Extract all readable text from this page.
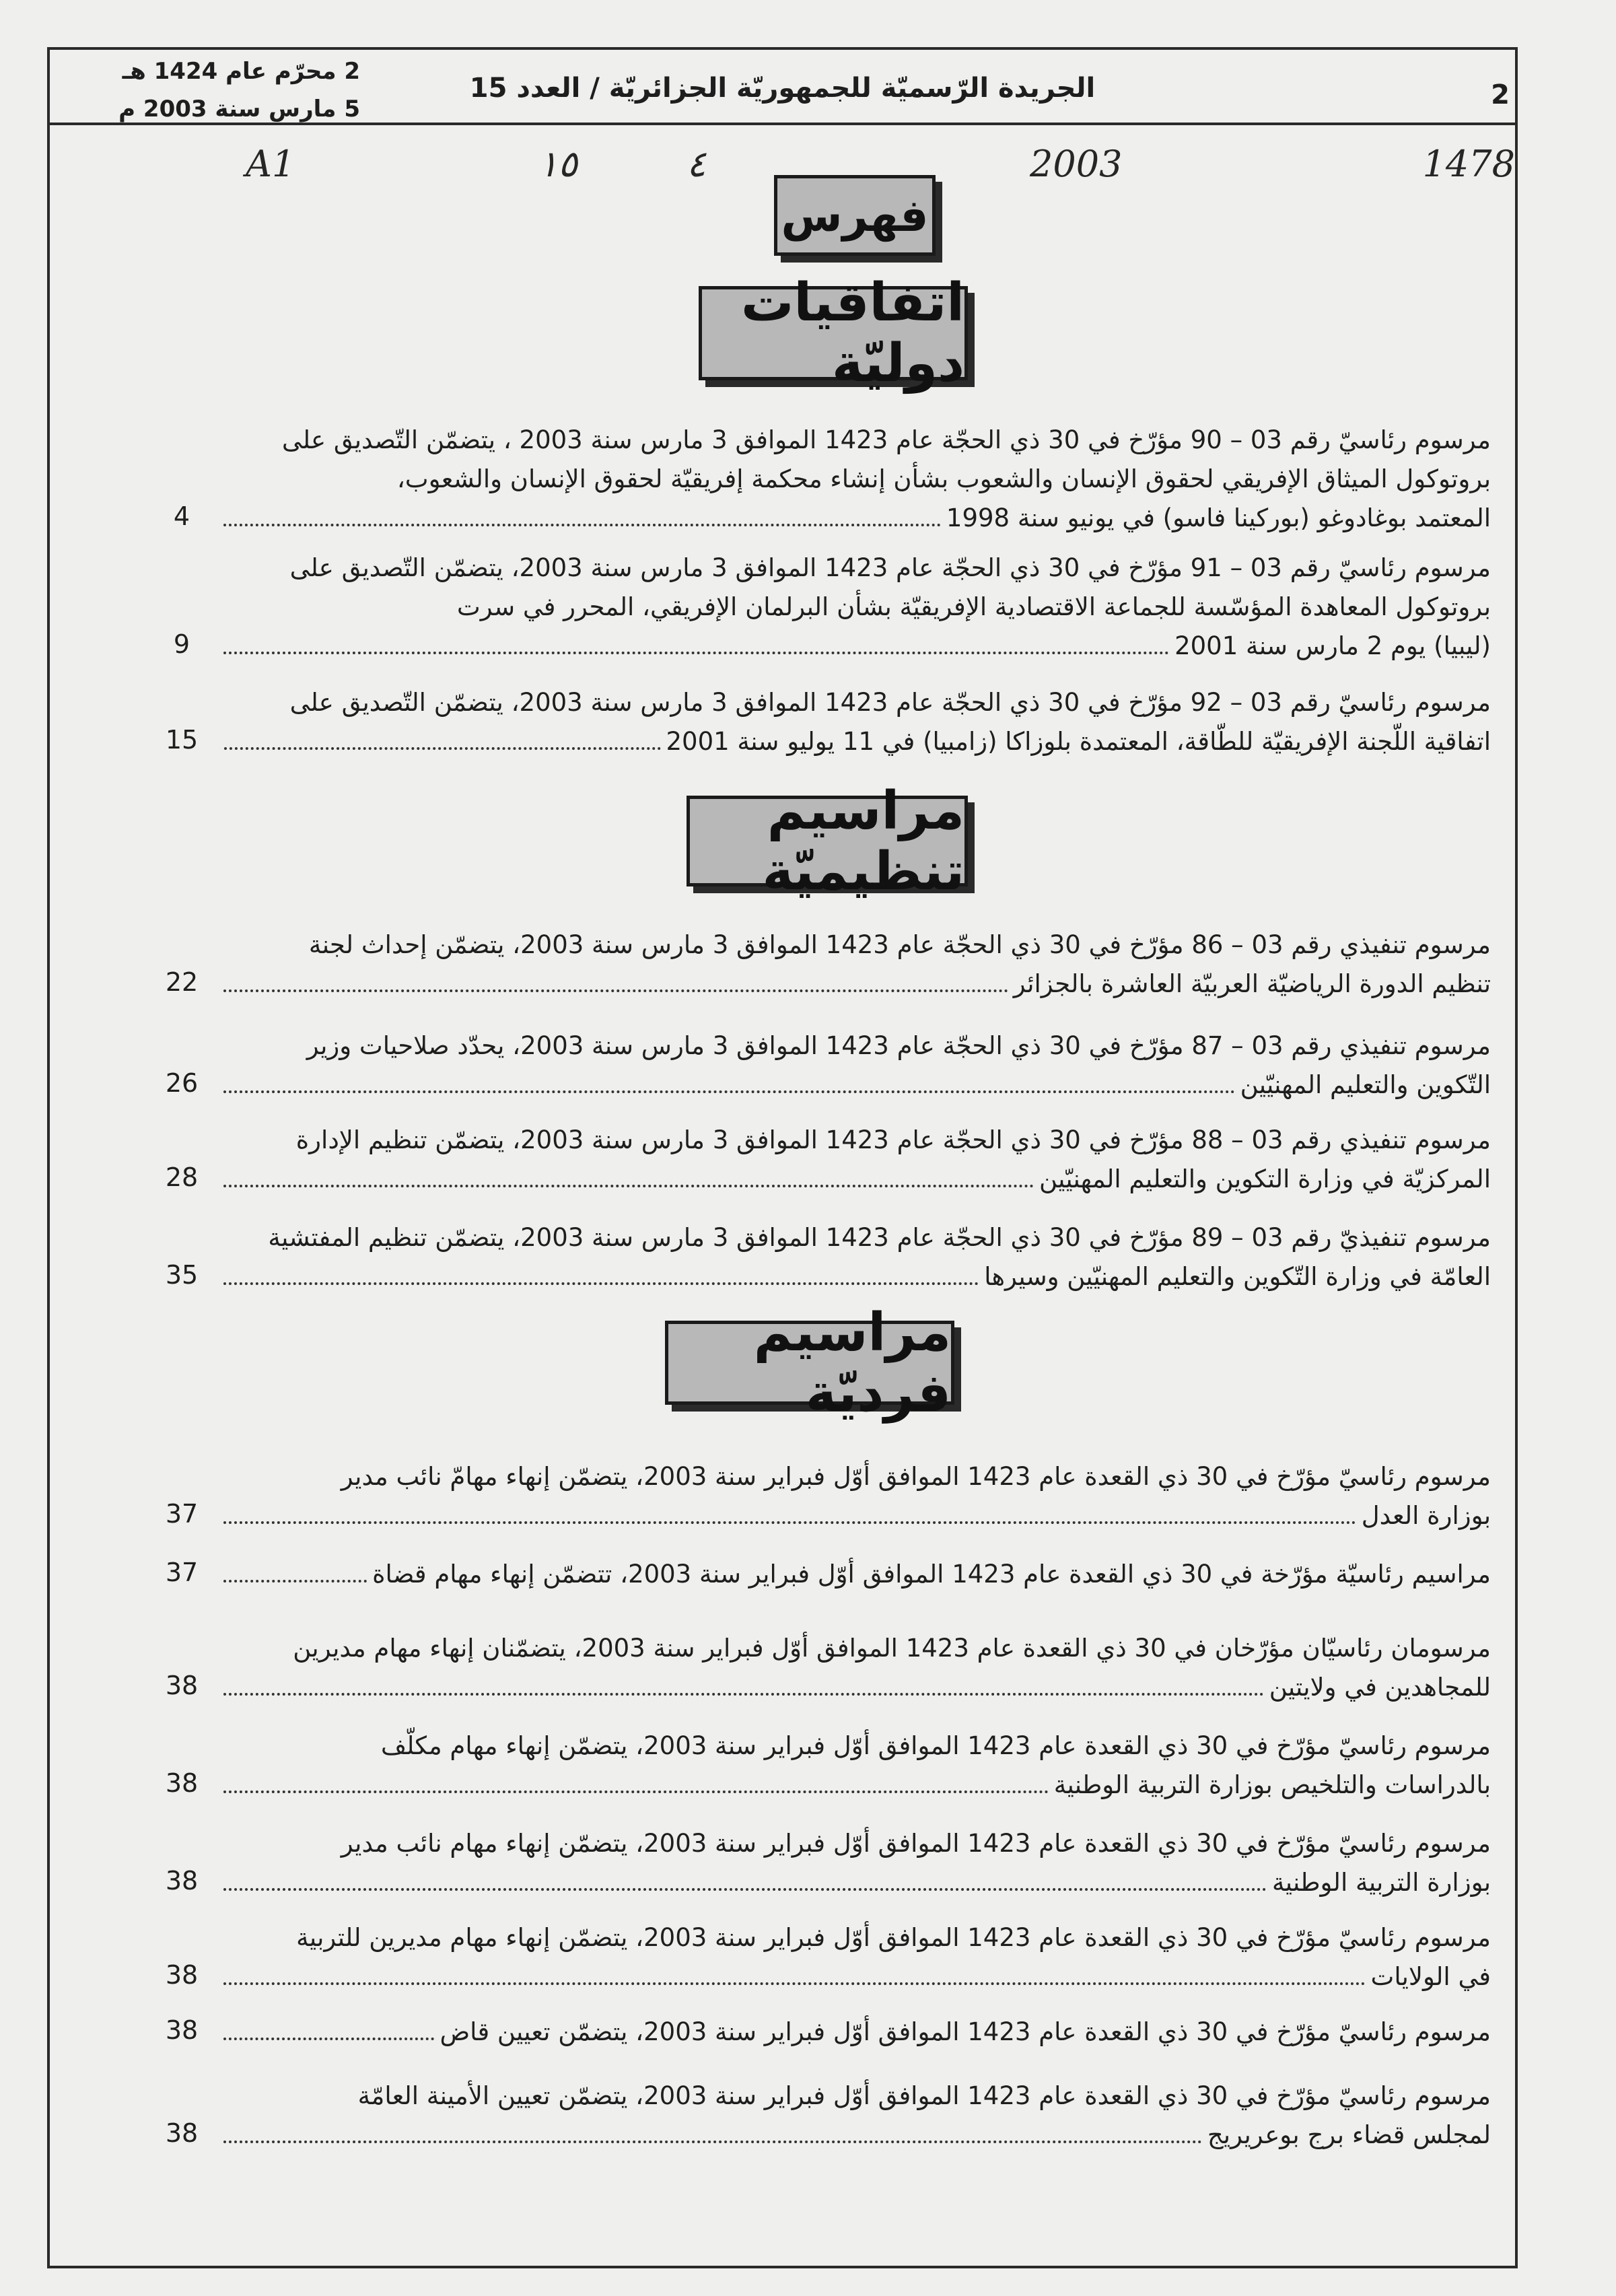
2
الجريدة الرّسميّة للجمهوريّة الجزائريّة / العدد 15
2 محرّم عام 1424 هـ
5 مارس سنة 2003 م
1478
2003
٤
١٥
A1
فهرس
اتفاقيات دوليّة
مراسيم تنظيميّة
مراسيم فرديّة
مرسوم رئاسيّ رقم 03 – 90 مؤرّخ في 30 ذي الحجّة عام 1423 الموافق 3 مارس سنة 2003 ، يتضمّن التّصديق على
بروتوكول الميثاق الإفريقي لحقوق الإنسان والشعوب بشأن إنشاء محكمة إفريقيّة لحقوق الإنسان والشعوب،
المعتمد بوغادوغو (بوركينا فاسو) في يونيو سنة 1998
4
مرسوم رئاسيّ رقم 03 – 91 مؤرّخ في 30 ذي الحجّة عام 1423 الموافق 3 مارس سنة 2003، يتضمّن التّصديق على
بروتوكول المعاهدة المؤسّسة للجماعة الاقتصادية الإفريقيّة بشأن البرلمان الإفريقي، المحرر في سرت
(ليبيا) يوم 2 مارس سنة 2001
9
مرسوم رئاسيّ رقم 03 – 92 مؤرّخ في 30 ذي الحجّة عام 1423 الموافق 3 مارس سنة 2003، يتضمّن التّصديق على
اتفاقية اللّجنة الإفريقيّة للطّاقة، المعتمدة بلوزاكا (زامبيا) في 11 يوليو سنة 2001
15
مرسوم تنفيذي رقم 03 – 86 مؤرّخ في 30 ذي الحجّة عام 1423 الموافق 3 مارس سنة 2003، يتضمّن إحداث لجنة
تنظيم الدورة الرياضيّة العربيّة العاشرة بالجزائر
22
مرسوم تنفيذي رقم 03 – 87 مؤرّخ في 30 ذي الحجّة عام 1423 الموافق 3 مارس سنة 2003، يحدّد صلاحيات وزير
التّكوين والتعليم المهنيّين
26
مرسوم تنفيذي رقم 03 – 88 مؤرّخ في 30 ذي الحجّة عام 1423 الموافق 3 مارس سنة 2003، يتضمّن تنظيم الإدارة
المركزيّة في وزارة التكوين والتعليم المهنيّين
28
مرسوم تنفيذيّ رقم 03 – 89 مؤرّخ في 30 ذي الحجّة عام 1423 الموافق 3 مارس سنة 2003، يتضمّن تنظيم المفتشية
العامّة في وزارة التّكوين والتعليم المهنيّين وسيرها
35
مرسوم رئاسيّ مؤرّخ في 30 ذي القعدة عام 1423 الموافق أوّل فبراير سنة 2003، يتضمّن إنهاء مهامّ نائب مدير
بوزارة العدل
37
مراسيم رئاسيّة مؤرّخة في 30 ذي القعدة عام 1423 الموافق أوّل فبراير سنة 2003، تتضمّن إنهاء مهام قضاة
37
مرسومان رئاسيّان مؤرّخان في 30 ذي القعدة عام 1423 الموافق أوّل فبراير سنة 2003، يتضمّنان إنهاء مهام مديرين
للمجاهدين في ولايتين
38
مرسوم رئاسيّ مؤرّخ في 30 ذي القعدة عام 1423 الموافق أوّل فبراير سنة 2003، يتضمّن إنهاء مهام مكلّف
بالدراسات والتلخيص بوزارة التربية الوطنية
38
مرسوم رئاسيّ مؤرّخ في 30 ذي القعدة عام 1423 الموافق أوّل فبراير سنة 2003، يتضمّن إنهاء مهام نائب مدير
بوزارة التربية الوطنية
38
مرسوم رئاسيّ مؤرّخ في 30 ذي القعدة عام 1423 الموافق أوّل فبراير سنة 2003، يتضمّن إنهاء مهام مديرين للتربية
في الولايات
38
مرسوم رئاسيّ مؤرّخ في 30 ذي القعدة عام 1423 الموافق أوّل فبراير سنة 2003، يتضمّن تعيين قاض
38
مرسوم رئاسيّ مؤرّخ في 30 ذي القعدة عام 1423 الموافق أوّل فبراير سنة 2003، يتضمّن تعيين الأمينة العامّة
لمجلس قضاء برج بوعريريج
38
